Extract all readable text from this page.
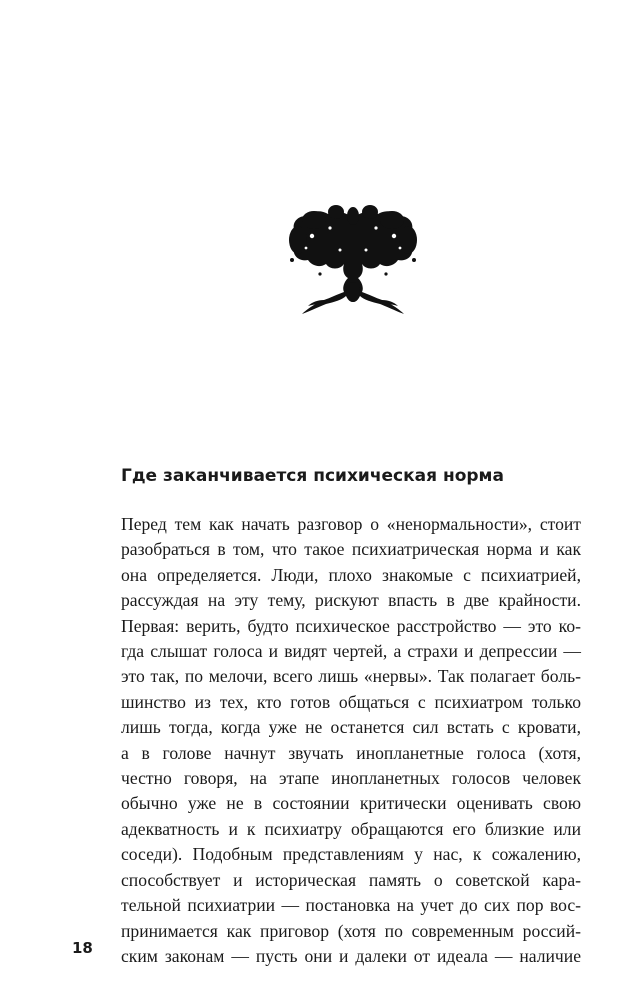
Где заканчивается психическая норма

Перед тем как начать разговор о «ненормальности», стоит
разобраться в том, что такое психиатрическая норма и как
она определяется. Люди, плохо знакомые с психиатрией,
рассуждая на эту тему, рискуют впасть в две крайности.
Первая: верить, будто психическое расстройство — это ко-
гда слышат голоса и видят чертей, а страхи и депрессии —
это так, по мелочи, всего лишь «нервы». Так полагает боль-
шинство из тех, кто готов общаться с психиатром только
лишь тогда, когда уже не останется сил встать с кровати,
а в голове начнут звучать инопланетные голоса (хотя,
честно говоря, на этапе инопланетных голосов человек
обычно уже не в состоянии критически оценивать свою
адекватность и к психиатру обращаются его близкие или
соседи). Подобным представлениям у нас, к сожалению,
способствует и историческая память о советской кара-
тельной психиатрии — постановка на учет до сих пор вос-
принимается как приговор (хотя по современным россий-
ским законам — пусть они и далеки от идеала — наличие

18
